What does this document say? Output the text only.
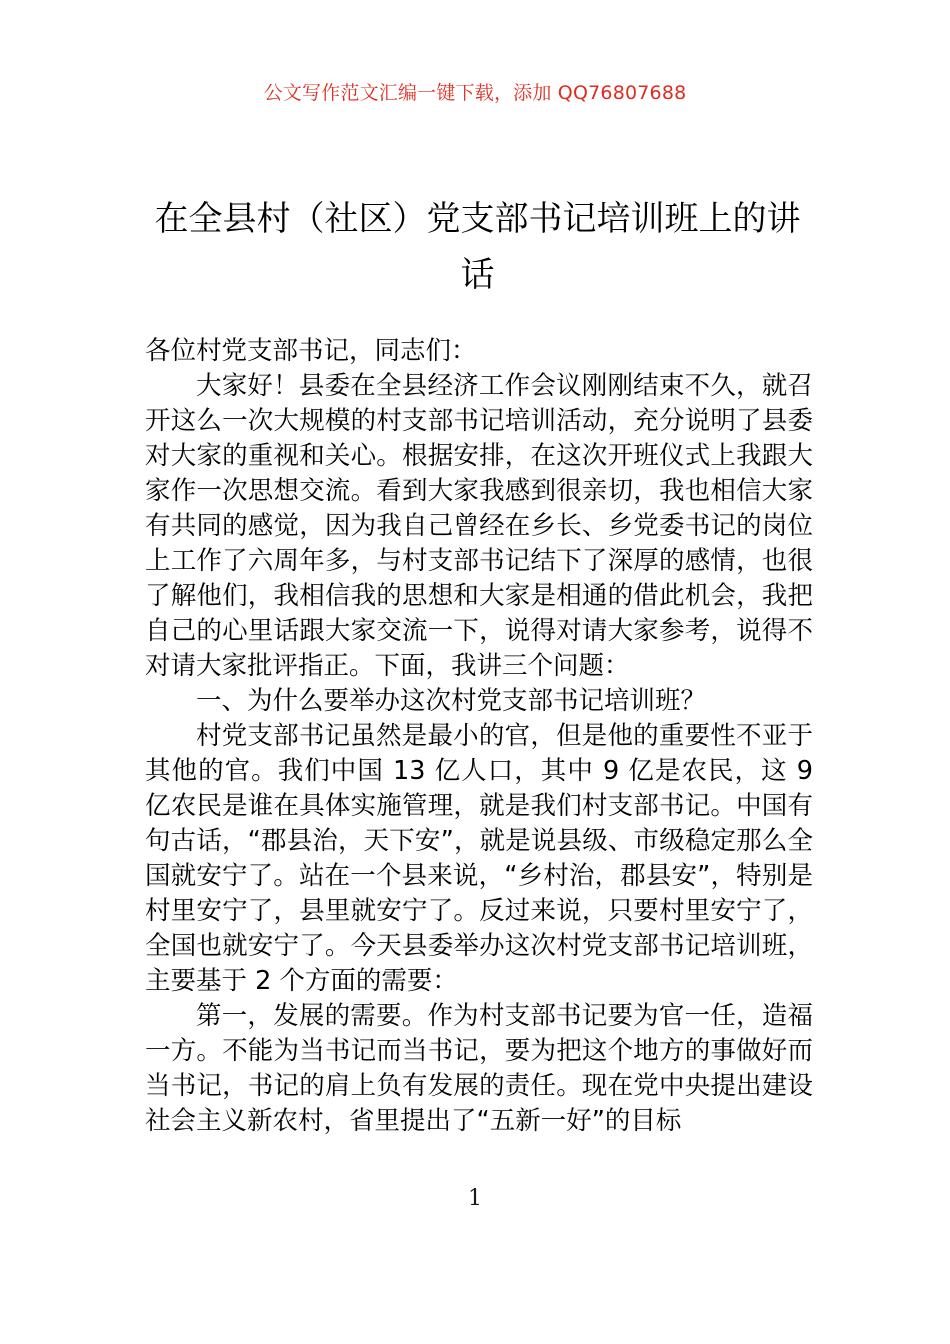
公文写作范文汇编一键下载，添加 QQ76807688
在全县村（社区）党支部书记培训班上的讲话

各位村党支部书记，同志们：

大家好！县委在全县经济工作会议刚刚结束不久，就召开这么一次大规模的村支部书记培训活动，充分说明了县委对大家的重视和关心。根据安排，在这次开班仪式上我跟大家作一次思想交流。看到大家我感到很亲切，我也相信大家有共同的感觉，因为我自己曾经在乡长、乡党委书记的岗位上工作了六周年多，与村支部书记结下了深厚的感情，也很了解他们，我相信我的思想和大家是相通的借此机会，我把自己的心里话跟大家交流一下，说得对请大家参考，说得不对请大家批评指正。下面，我讲三个问题：

一、为什么要举办这次村党支部书记培训班？

村党支部书记虽然是最小的官，但是他的重要性不亚于其他的官。我们中国 13 亿人口，其中 9 亿是农民，这 9 亿农民是谁在具体实施管理，就是我们村支部书记。中国有句古话，“郡县治，天下安”，就是说县级、市级稳定那么全国就安宁了。站在一个县来说，“乡村治，郡县安”，特别是村里安宁了，县里就安宁了。反过来说，只要村里安宁了，全国也就安宁了。今天县委举办这次村党支部书记培训班，主要基于 2 个方面的需要：

第一，发展的需要。作为村支部书记要为官一任，造福一方。不能为当书记而当书记，要为把这个地方的事做好而当书记，书记的肩上负有发展的责任。现在党中央提出建设社会主义新农村，省里提出了“五新一好”的目标

1
